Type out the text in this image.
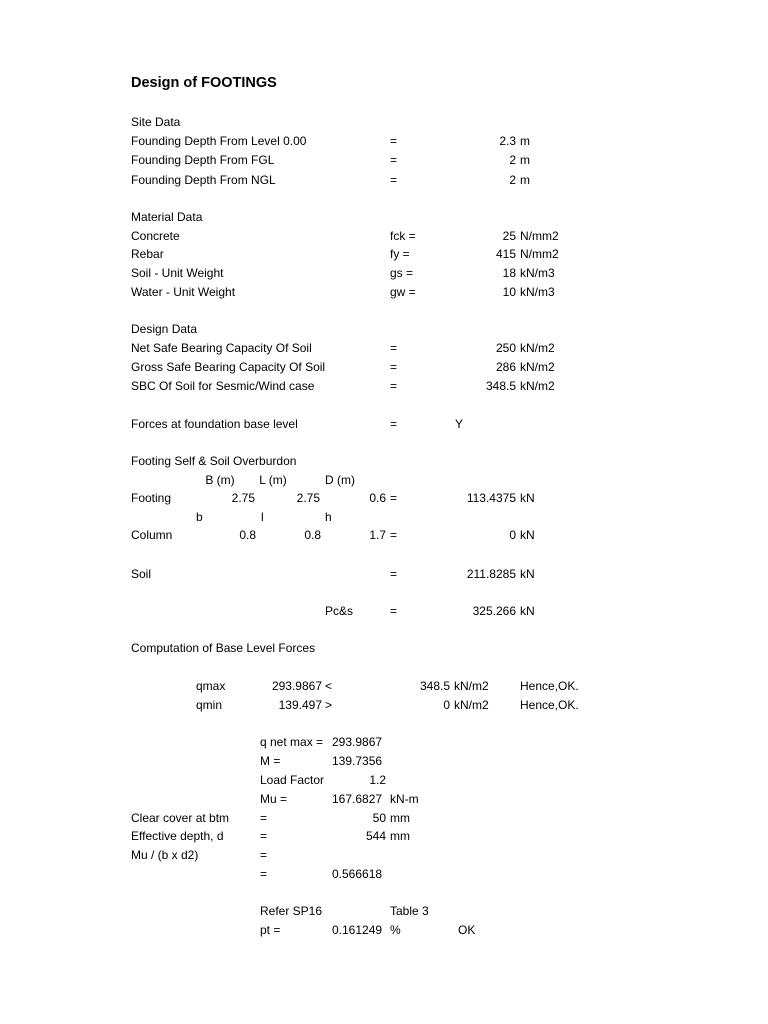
Design of FOOTINGS
Site Data
Founding Depth From Level 0.00	=	2.3 m
Founding Depth From FGL	=	2 m
Founding Depth From NGL	=	2 m
Material Data
Concrete	fck =	25 N/mm2
Rebar	fy =	415 N/mm2
Soil - Unit Weight	gs =	18 kN/m3
Water - Unit Weight	gw =	10 kN/m3
Design Data
Net Safe Bearing Capacity Of Soil	=	250 kN/m2
Gross Safe Bearing Capacity Of Soil	=	286 kN/m2
SBC Of Soil for Sesmic/Wind case	=	348.5 kN/m2
Forces at foundation base level	=	Y
Footing Self & Soil Overburdon
B (m)	L (m)	D (m)
Footing	2.75	2.75	0.6 =	113.4375 kN
b	l	h
Column	0.8	0.8	1.7 =	0 kN
Soil	=	211.8285 kN
Pc&s	=	325.266 kN
Computation of Base Level Forces
qmax	293.9867 <	348.5 kN/m2	Hence,OK.
qmin	139.497 >	0 kN/m2	Hence,OK.
q net max = 293.9867
M =	139.7356
Load Factor	1.2
Mu =	167.6827 kN-m
Clear cover at btm	=	50 mm
Effective depth, d	=	544 mm
Mu / (b x d2)	=
=	0.566618
Refer SP16	Table 3
pt =	0.161249 %	OK
